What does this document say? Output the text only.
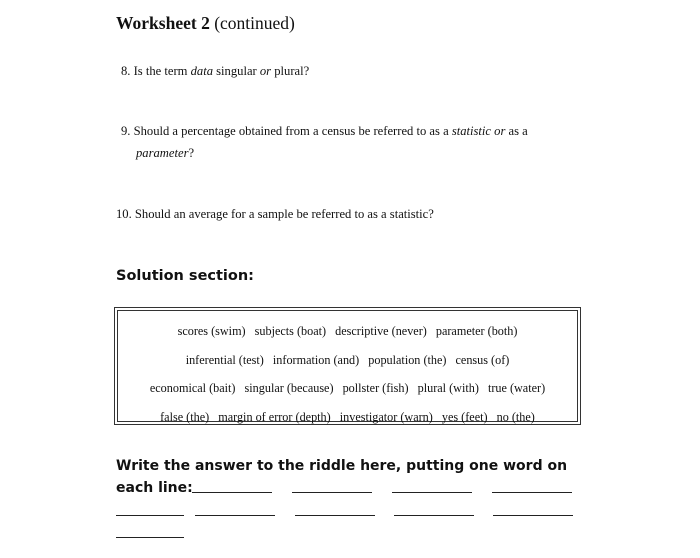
Worksheet 2 (continued)
8. Is the term data singular or plural?
9. Should a percentage obtained from a census be referred to as a statistic or as a
parameter?
10. Should an average for a sample be referred to as a statistic?
Solution section:
scores (swim) subjects (boat) descriptive (never) parameter (both)
inferential (test) information (and) population (the) census (of)
economical (bait) singular (because) pollster (fish) plural (with) true (water)
false (the) margin of error (depth) investigator (warn) yes (feet) no (the)
Write the answer to the riddle here, putting one word on
each line:
